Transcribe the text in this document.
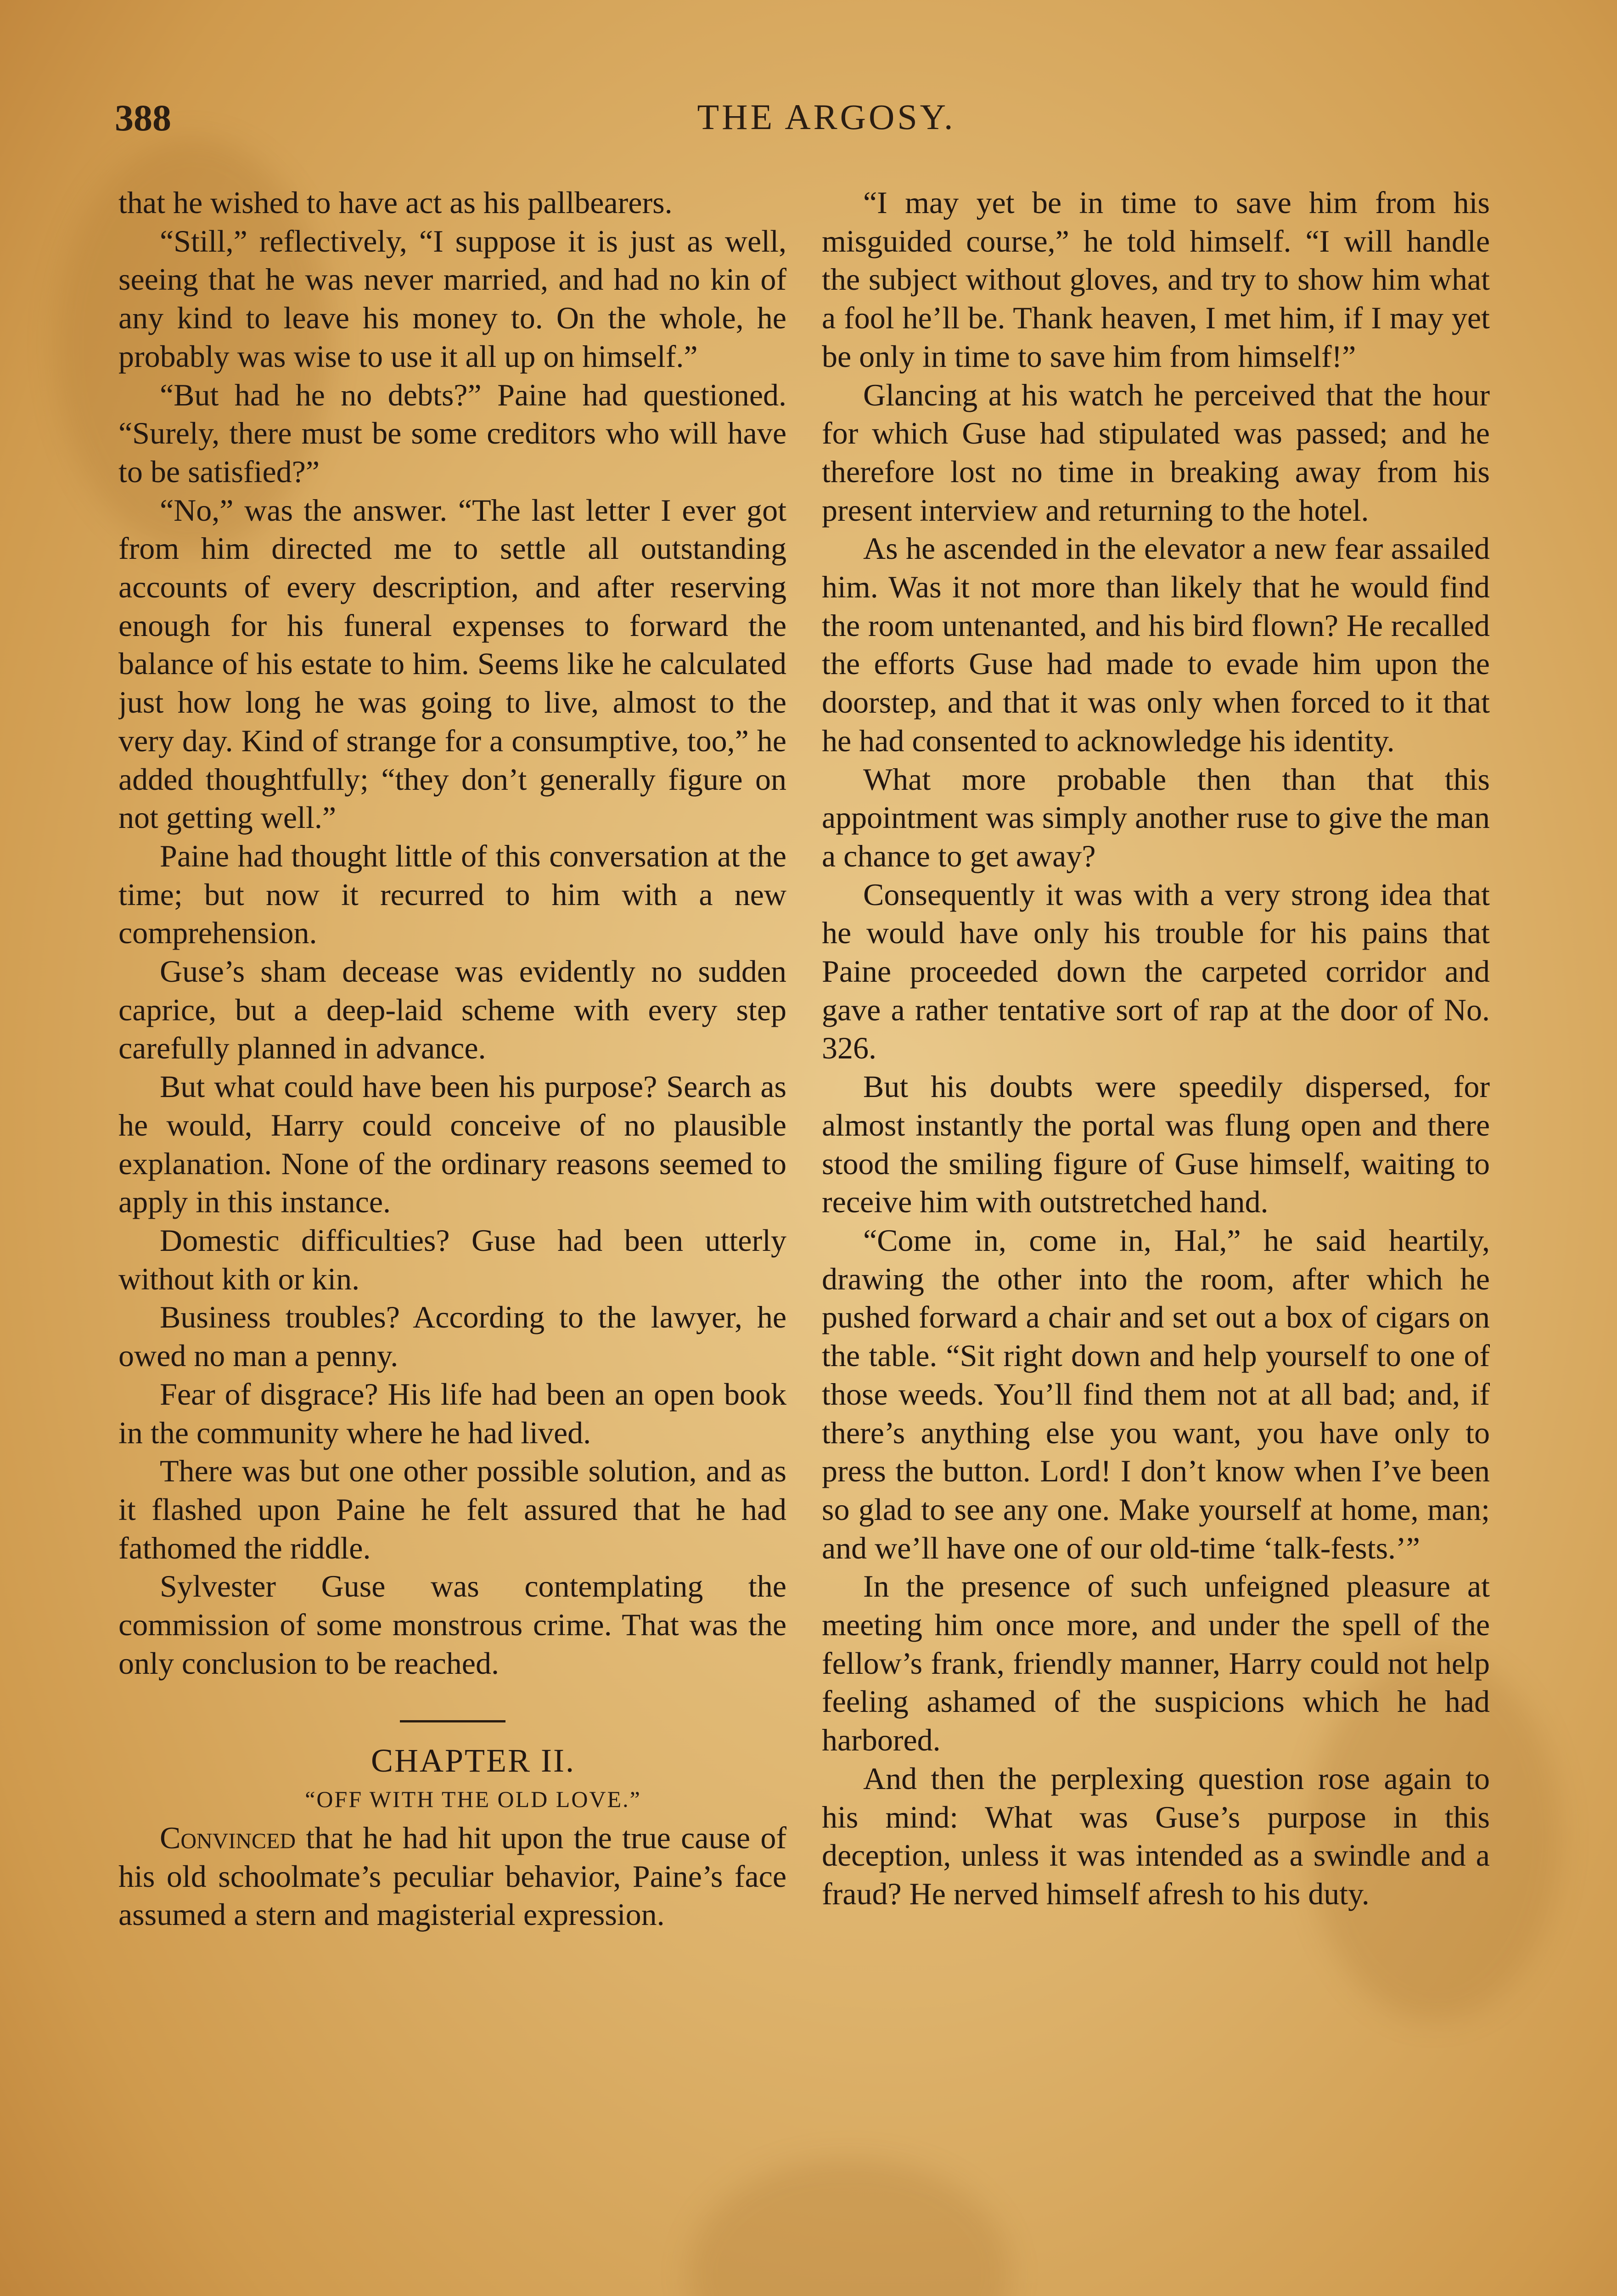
388	THE ARGOSY.

that he wished to have act as his pallbearers.

“Still,” reflectively, “I suppose it is just as well, seeing that he was never married, and had no kin of any kind to leave his money to. On the whole, he probably was wise to use it all up on himself.”

“But had he no debts?” Paine had questioned. “Surely, there must be some creditors who will have to be satisfied?”

“No,” was the answer. “The last letter I ever got from him directed me to settle all outstanding accounts of every description, and after reserving enough for his funeral expenses to forward the balance of his estate to him. Seems like he calculated just how long he was going to live, almost to the very day. Kind of strange for a consumptive, too,” he added thoughtfully; “they don’t generally figure on not getting well.”

Paine had thought little of this conversation at the time; but now it recurred to him with a new comprehension.

Guse’s sham decease was evidently no sudden caprice, but a deep-laid scheme with every step carefully planned in advance.

But what could have been his purpose? Search as he would, Harry could conceive of no plausible explanation. None of the ordinary reasons seemed to apply in this instance.

Domestic difficulties? Guse had been utterly without kith or kin.

Business troubles? According to the lawyer, he owed no man a penny.

Fear of disgrace? His life had been an open book in the community where he had lived.

There was but one other possible solution, and as it flashed upon Paine he felt assured that he had fathomed the riddle.

Sylvester Guse was contemplating the commission of some monstrous crime. That was the only conclusion to be reached.

CHAPTER II.

“OFF WITH THE OLD LOVE.”

Convinced that he had hit upon the true cause of his old schoolmate’s peculiar behavior, Paine’s face assumed a stern and magisterial expression.

“I may yet be in time to save him from his misguided course,” he told himself. “I will handle the subject without gloves, and try to show him what a fool he’ll be. Thank heaven, I met him, if I may yet be only in time to save him from himself!”

Glancing at his watch he perceived that the hour for which Guse had stipulated was passed; and he therefore lost no time in breaking away from his present interview and returning to the hotel.

As he ascended in the elevator a new fear assailed him. Was it not more than likely that he would find the room untenanted, and his bird flown? He recalled the efforts Guse had made to evade him upon the doorstep, and that it was only when forced to it that he had consented to acknowledge his identity.

What more probable then than that this appointment was simply another ruse to give the man a chance to get away?

Consequently it was with a very strong idea that he would have only his trouble for his pains that Paine proceeded down the carpeted corridor and gave a rather tentative sort of rap at the door of No. 326.

But his doubts were speedily dispersed, for almost instantly the portal was flung open and there stood the smiling figure of Guse himself, waiting to receive him with outstretched hand.

“Come in, come in, Hal,” he said heartily, drawing the other into the room, after which he pushed forward a chair and set out a box of cigars on the table. “Sit right down and help yourself to one of those weeds. You’ll find them not at all bad; and, if there’s anything else you want, you have only to press the button. Lord! I don’t know when I’ve been so glad to see any one. Make yourself at home, man; and we’ll have one of our old-time ‘talk-fests.’”

In the presence of such unfeigned pleasure at meeting him once more, and under the spell of the fellow’s frank, friendly manner, Harry could not help feeling ashamed of the suspicions which he had harbored.

And then the perplexing question rose again to his mind: What was Guse’s purpose in this deception, unless it was intended as a swindle and a fraud? He nerved himself afresh to his duty.
